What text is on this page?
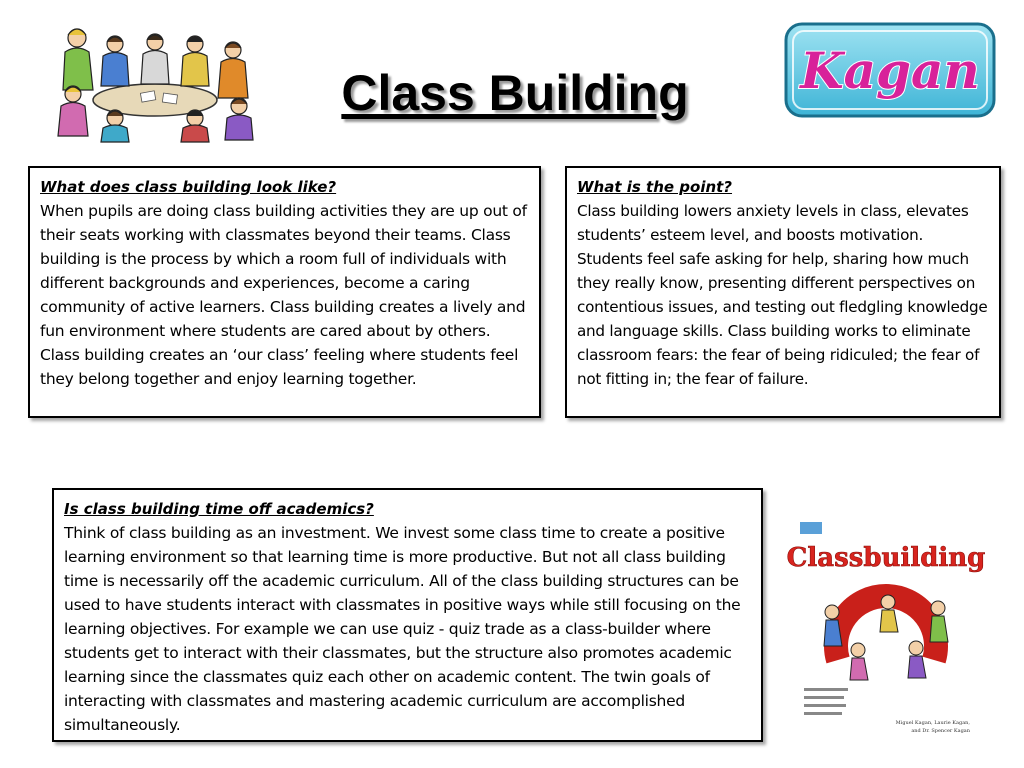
Class Building	Kagan
What does class building look like?
When pupils are doing class building activities they are up out of their seats working with classmates beyond their teams. Class building is the process by which a room full of individuals with different backgrounds and experiences, become a caring community of active learners. Class building creates a lively and fun environment where students are cared about by others. Class building creates an ‘our class’ feeling where students feel they belong together and enjoy learning together.
What is the point?
Class building lowers anxiety levels in class, elevates students’ esteem level, and boosts motivation. Students feel safe asking for help, sharing how much they really know, presenting different perspectives on contentious issues, and testing out fledgling knowledge and language skills. Class building works to eliminate classroom fears: the fear of being ridiculed; the fear of not fitting in; the fear of failure.
Is class building time off academics?
Think of class building as an investment. We invest some class time to create a positive learning environment so that learning time is more productive. But not all class building time is necessarily off the academic curriculum. All of the class building structures can be used to have students interact with classmates in positive ways while still focusing on the learning objectives. For example we can use quiz - quiz trade as a class-builder where students get to interact with their classmates, but the structure also promotes academic learning since the classmates quiz each other on academic content. The twin goals of interacting with classmates and mastering academic curriculum are accomplished simultaneously.
Classbuilding
Miguel Kagan, Laurie Kagan,
and Dr. Spencer Kagan
